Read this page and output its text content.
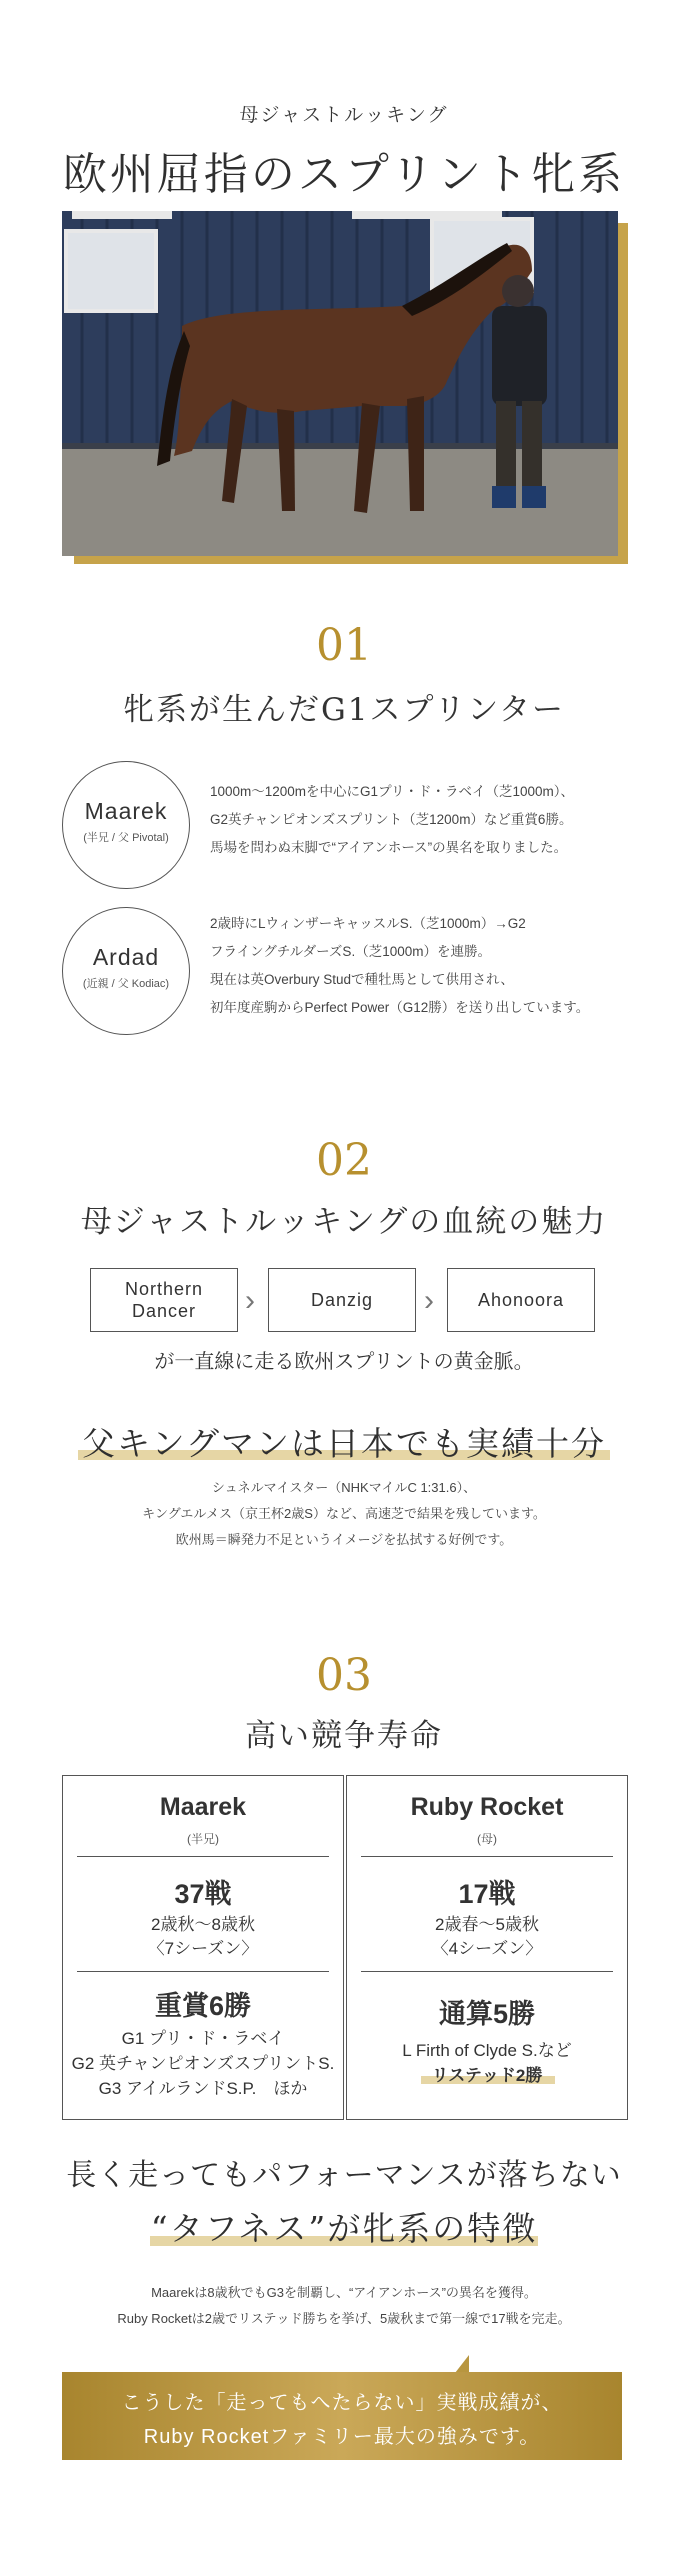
母ジャストルッキング
欧州屈指のスプリント牝系
01
牝系が生んだG1スプリンター
Maarek
(半兄 / 父 Pivotal)
1000m～1200mを中心にG1プリ・ド・ラベイ（芝1000m）、
G2英チャンピオンズスプリント（芝1200m）など重賞6勝。
馬場を問わぬ末脚で“アイアンホース”の異名を取りました。
Ardad
(近親 / 父 Kodiac)
2歳時にLウィンザーキャッスルS.（芝1000m）→G2
フライングチルダーズS.（芝1000m）を連勝。
現在は英Overbury Studで種牡馬として供用され、
初年度産駒からPerfect Power（G12勝）を送り出しています。
02
母ジャストルッキングの血統の魅力
Northern
Dancer ›	Danzig › Ahonoora
が一直線に走る欧州スプリントの黄金脈。
父キングマンは日本でも実績十分
シュネルマイスター（NHKマイルC 1:31.6）、
キングエルメス（京王杯2歳S）など、高速芝で結果を残しています。
欧州馬＝瞬発力不足というイメージを払拭する好例です。
03
高い競争寿命
Maarek
(半兄)
37戦
2歳秋～8歳秋
〈7シーズン〉
重賞6勝
G1 プリ・ド・ラベイ
G2 英チャンピオンズスプリントS.
G3 アイルランドS.P.　ほか
Ruby Rocket
(母)
17戦
2歳春～5歳秋
〈4シーズン〉
通算5勝
L Firth of Clyde S.など
リステッド2勝
長く走ってもパフォーマンスが落ちない
“タフネス”が牝系の特徴
Maarekは8歳秋でもG3を制覇し、“アイアンホース”の異名を獲得。
Ruby Rocketは2歳でリステッド勝ちを挙げ、5歳秋まで第一線で17戦を完走。
こうした「走ってもへたらない」実戦成績が、
Ruby Rocketファミリー最大の強みです。
